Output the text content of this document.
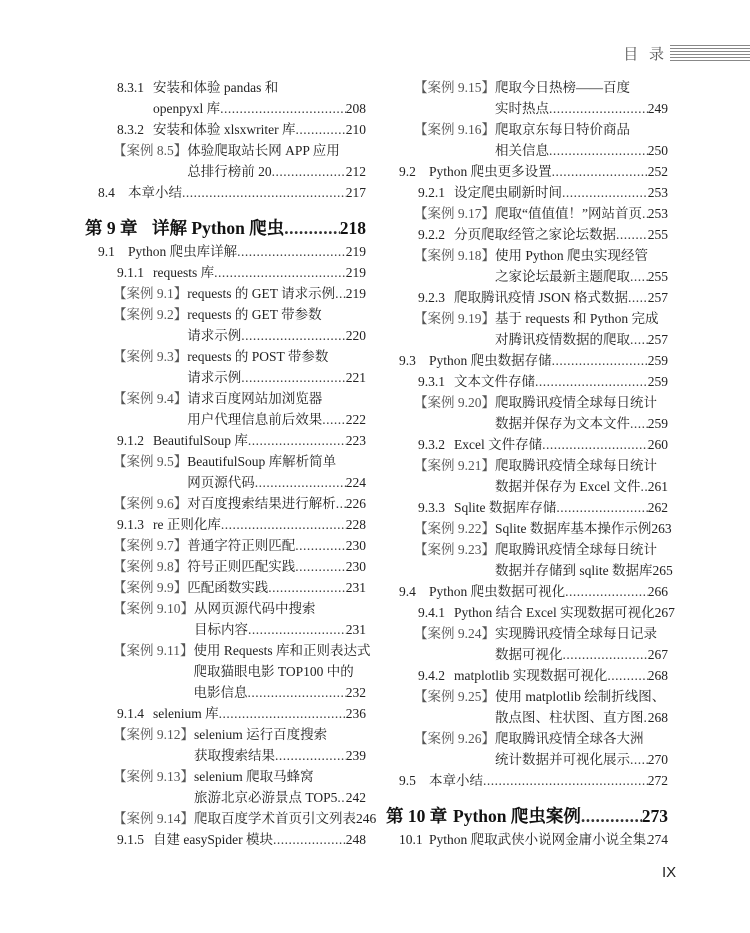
目 录
8.3.1 安装和体验 pandas 和
openpyxl 库 .....	208
8.3.2 安装和体验 xlsxwriter 库 .....	210
【案例 8.5】 体验爬取站长网 APP 应用
总排行榜前 20 .....	212
8.4 本章小结 .....	217
第 9 章 详解 Python 爬虫 .....	218
9.1 Python 爬虫库详解 .....	219
9.1.1 requests 库 .....	219
【案例 9.1】 requests 的 GET 请求示例 ..... 219
【案例 9.2】 requests 的 GET 带参数
请求示例 .....	220
【案例 9.3】 requests 的 POST 带参数
请求示例 .....	221
【案例 9.4】 请求百度网站加浏览器
用户代理信息前后效果 ..... 222
9.1.2 BeautifulSoup 库 .....	223
【案例 9.5】 BeautifulSoup 库解析简单
网页源代码 .....	224
【案例 9.6】 对百度搜索结果进行解析 ..... 226
9.1.3 re 正则化库 .....	228
【案例 9.7】 普通字符正则匹配 .....	230
【案例 9.8】 符号正则匹配实践 .....	230
【案例 9.9】 匹配函数实践 .....	231
【案例 9.10】 从网页源代码中搜索
目标内容 .....	231
【案例 9.11】 使用 Requests 库和正则表达式
爬取猫眼电影 TOP100 中的
电影信息 .....	232
9.1.4 selenium 库 .....	236
【案例 9.12】 selenium 运行百度搜索
获取搜索结果 .....	239
【案例 9.13】 selenium 爬取马蜂窝
旅游北京必游景点 TOP5 ..... 242
【案例 9.14】 爬取百度学术首页引文列表 246
9.1.5 自建 easySpider 模块 .....	248
【案例 9.15】 爬取今日热榜——百度
实时热点 .....	249
【案例 9.16】 爬取京东每日特价商品
相关信息 .....	250
9.2 Python 爬虫更多设置 .....	252
9.2.1 设定爬虫刷新时间 .....	253
【案例 9.17】 爬取“值值值！”网站首页 ..... 253
9.2.2 分页爬取经管之家论坛数据 ..... 255
【案例 9.18】 使用 Python 爬虫实现经管
之家论坛最新主题爬取 ..... 255
9.2.3 爬取腾讯疫情 JSON 格式数据 ..... 257
【案例 9.19】 基于 requests 和 Python 完成
对腾讯疫情数据的爬取 ..... 257
9.3 Python 爬虫数据存储 .....	259
9.3.1 文本文件存储 .....	259
【案例 9.20】 爬取腾讯疫情全球每日统计
数据并保存为文本文件 ..... 259
9.3.2 Excel 文件存储 .....	260
【案例 9.21】 爬取腾讯疫情全球每日统计
数据并保存为 Excel 文件 ..... 261
9.3.3 Sqlite 数据库存储 .....	262
【案例 9.22】 Sqlite 数据库基本操作示例 263
【案例 9.23】 爬取腾讯疫情全球每日统计
数据并存储到 sqlite 数据库 265
9.4 Python 爬虫数据可视化 .....	266
9.4.1 Python 结合 Excel 实现数据可视化 267
【案例 9.24】 实现腾讯疫情全球每日记录
数据可视化 .....	267
9.4.2 matplotlib 实现数据可视化 .....	268
【案例 9.25】 使用 matplotlib 绘制折线图、
散点图、柱状图、直方图 ..... 268
【案例 9.26】 爬取腾讯疫情全球各大洲
统计数据并可视化展示 ..... 270
9.5 本章小结 .....	272
第 10 章 Python 爬虫案例 .....	273
10.1 Python 爬取武侠小说网金庸小说全集 ..... 274
IX
